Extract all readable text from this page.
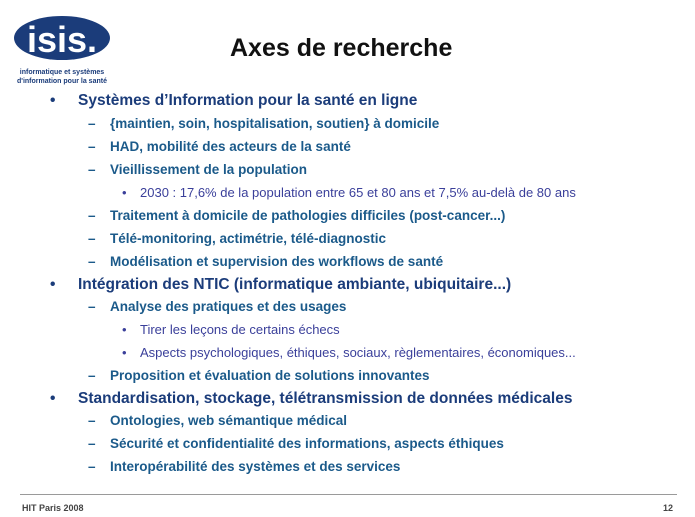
isis.
informatique et systèmes
d'information pour la santé
Axes de recherche
• Systèmes d’Information pour la santé en ligne
– {maintien, soin, hospitalisation, soutien} à domicile
– HAD, mobilité des acteurs de la santé
– Vieillissement de la population
• 2030 : 17,6% de la population entre 65 et 80 ans et 7,5% au-delà de 80 ans
– Traitement à domicile de pathologies difficiles (post-cancer...)
– Télé-monitoring, actimétrie, télé-diagnostic
– Modélisation et supervision des workflows de santé
• Intégration des NTIC (informatique ambiante, ubiquitaire...)
– Analyse des pratiques et des usages
• Tirer les leçons de certains échecs
• Aspects psychologiques, éthiques, sociaux, règlementaires, économiques...
– Proposition et évaluation de solutions innovantes
• Standardisation, stockage, télétransmission de données médicales
– Ontologies, web sémantique médical
– Sécurité et confidentialité des informations, aspects éthiques
– Interopérabilité des systèmes et des services
HIT Paris 2008	12
